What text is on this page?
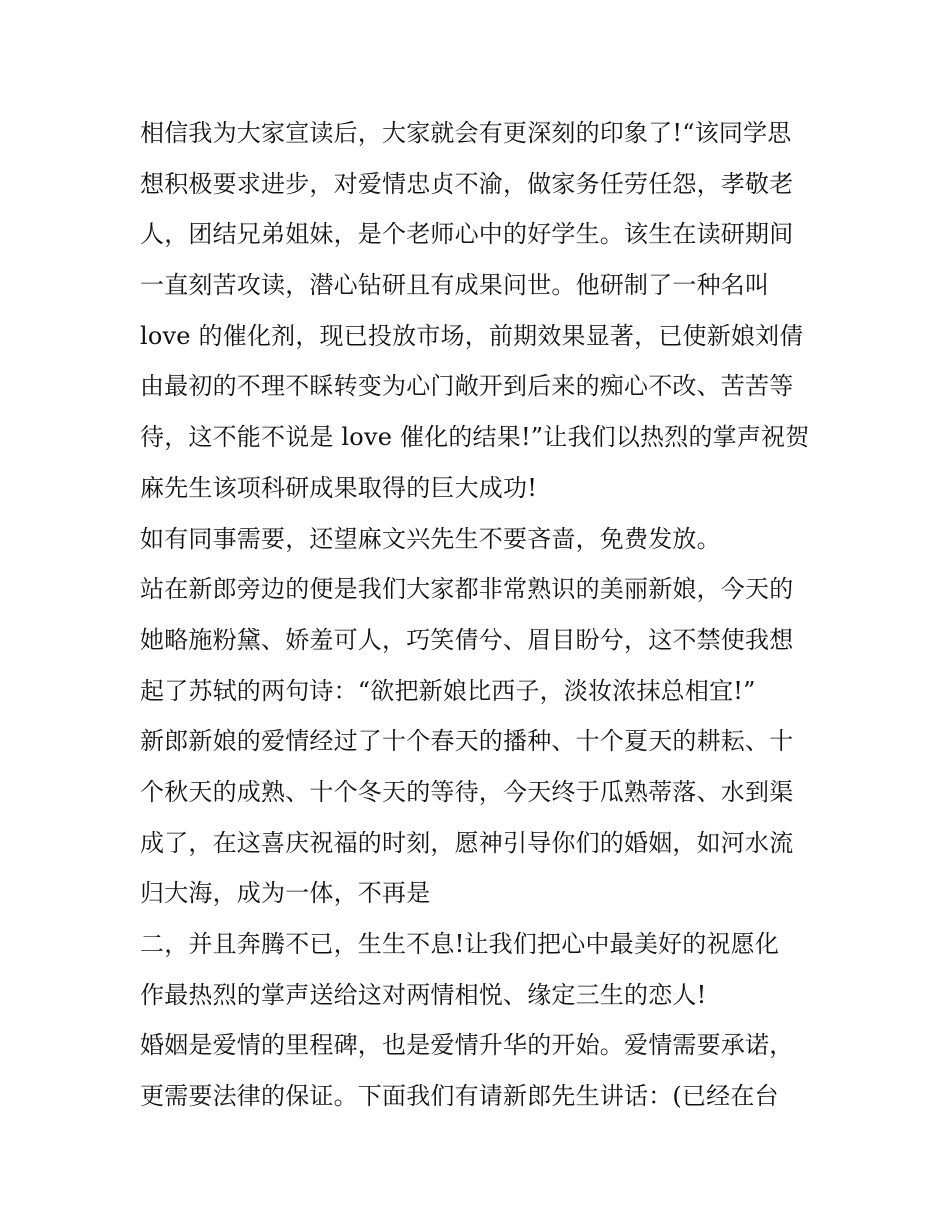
相信我为大家宣读后，大家就会有更深刻的印象了!“该同学思
想积极要求进步，对爱情忠贞不渝，做家务任劳任怨，孝敬老
人，团结兄弟姐妹，是个老师心中的好学生。该生在读研期间
一直刻苦攻读，潜心钻研且有成果问世。他研制了一种名叫
love 的催化剂，现已投放市场，前期效果显著，已使新娘刘倩
由最初的不理不睬转变为心门敞开到后来的痴心不改、苦苦等
待，这不能不说是 love 催化的结果!”让我们以热烈的掌声祝贺
麻先生该项科研成果取得的巨大成功!
如有同事需要，还望麻文兴先生不要吝啬，免费发放。
站在新郎旁边的便是我们大家都非常熟识的美丽新娘，今天的
她略施粉黛、娇羞可人，巧笑倩兮、眉目盼兮，这不禁使我想
起了苏轼的两句诗：“欲把新娘比西子，淡妆浓抹总相宜!”
新郎新娘的爱情经过了十个春天的播种、十个夏天的耕耘、十
个秋天的成熟、十个冬天的等待，今天终于瓜熟蒂落、水到渠
成了，在这喜庆祝福的时刻，愿神引导你们的婚姻，如河水流
归大海，成为一体，不再是
二，并且奔腾不已，生生不息!让我们把心中最美好的祝愿化
作最热烈的掌声送给这对两情相悦、缘定三生的恋人!
婚姻是爱情的里程碑，也是爱情升华的开始。爱情需要承诺，
更需要法律的保证。下面我们有请新郎先生讲话：(已经在台
